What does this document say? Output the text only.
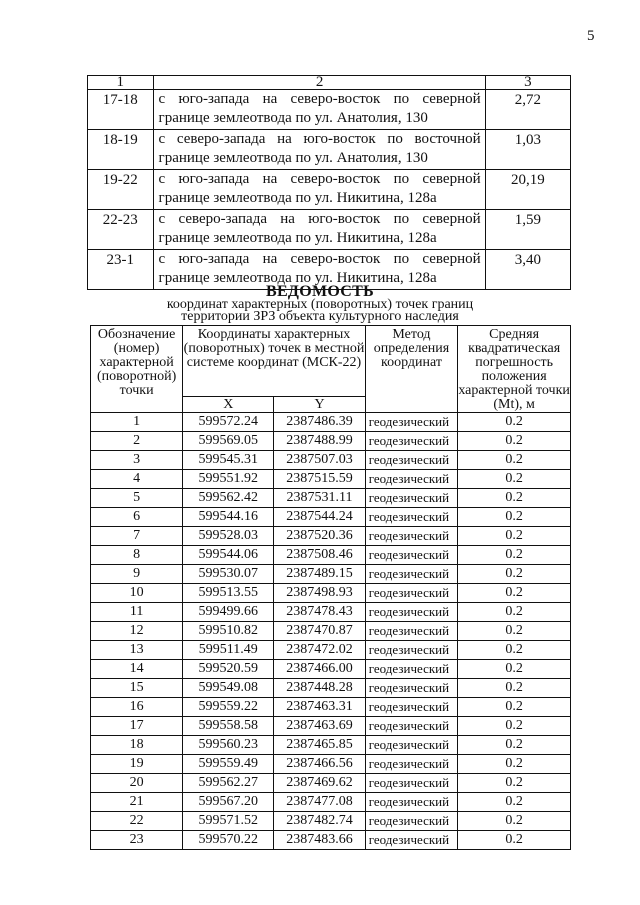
5
1	2	3
17-18	с юго-запада на северо-восток по северной границе землеотвода по ул. Анатолия, 130	2,72
18-19	с северо-запада на юго-восток по восточной границе землеотвода по ул. Анатолия, 130	1,03
19-22	с юго-запада на северо-восток по северной границе землеотвода по ул. Никитина, 128а	20,19
22-23	с северо-запада на юго-восток по северной границе землеотвода по ул. Никитина, 128а	1,59
23-1	с юго-запада на северо-восток по северной границе землеотвода по ул. Никитина, 128а	3,40
ВЕДОМОСТЬ
координат характерных (поворотных) точек границ
территории ЗРЗ объекта культурного наследия
Обозначение (номер) характерной (поворотной) точки	Координаты характерных (поворотных) точек в местной системе координат (МСК-22)		Метод определения координат	Средняя квадратическая погрешность положения характерной точки (Mt), м
	X	Y		
1	599572.24	2387486.39	геодезический	0.2
2	599569.05	2387488.99	геодезический	0.2
3	599545.31	2387507.03	геодезический	0.2
4	599551.92	2387515.59	геодезический	0.2
5	599562.42	2387531.11	геодезический	0.2
6	599544.16	2387544.24	геодезический	0.2
7	599528.03	2387520.36	геодезический	0.2
8	599544.06	2387508.46	геодезический	0.2
9	599530.07	2387489.15	геодезический	0.2
10	599513.55	2387498.93	геодезический	0.2
11	599499.66	2387478.43	геодезический	0.2
12	599510.82	2387470.87	геодезический	0.2
13	599511.49	2387472.02	геодезический	0.2
14	599520.59	2387466.00	геодезический	0.2
15	599549.08	2387448.28	геодезический	0.2
16	599559.22	2387463.31	геодезический	0.2
17	599558.58	2387463.69	геодезический	0.2
18	599560.23	2387465.85	геодезический	0.2
19	599559.49	2387466.56	геодезический	0.2
20	599562.27	2387469.62	геодезический	0.2
21	599567.20	2387477.08	геодезический	0.2
22	599571.52	2387482.74	геодезический	0.2
23	599570.22	2387483.66	геодезический	0.2
